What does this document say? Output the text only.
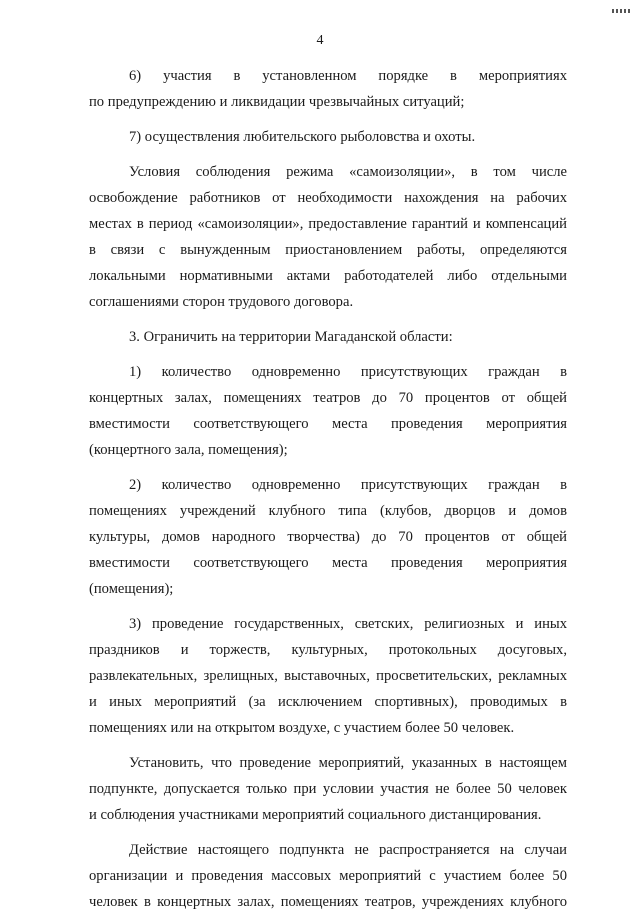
4

6) участия в установленном порядке в мероприятиях
по предупреждению и ликвидации чрезвычайных ситуаций;

7) осуществления любительского рыболовства и охоты.

Условия соблюдения режима «самоизоляции», в том числе
освобождение работников от необходимости нахождения на рабочих
местах в период «самоизоляции», предоставление гарантий и компенсаций
в связи с вынужденным приостановлением работы, определяются
локальными нормативными актами работодателей либо отдельными
соглашениями сторон трудового договора.

3. Ограничить на территории Магаданской области:

1) количество одновременно присутствующих граждан в
концертных залах, помещениях театров до 70 процентов от общей
вместимости соответствующего места проведения мероприятия
(концертного зала, помещения);

2) количество одновременно присутствующих граждан в
помещениях учреждений клубного типа (клубов, дворцов и домов
культуры, домов народного творчества) до 70 процентов от общей
вместимости соответствующего места проведения мероприятия
(помещения);

3) проведение государственных, светских, религиозных и иных
праздников и торжеств, культурных, протокольных досуговых,
развлекательных, зрелищных, выставочных, просветительских, рекламных
и иных мероприятий (за исключением спортивных), проводимых в
помещениях или на открытом воздухе, с участием более 50 человек.

Установить, что проведение мероприятий, указанных в настоящем
подпункте, допускается только при условии участия не более 50 человек
и соблюдения участниками мероприятий социального дистанцирования.

Действие настоящего подпункта не распространяется на случаи
организации и проведения массовых мероприятий с участием более 50
человек в концертных залах, помещениях театров, учреждениях клубного
